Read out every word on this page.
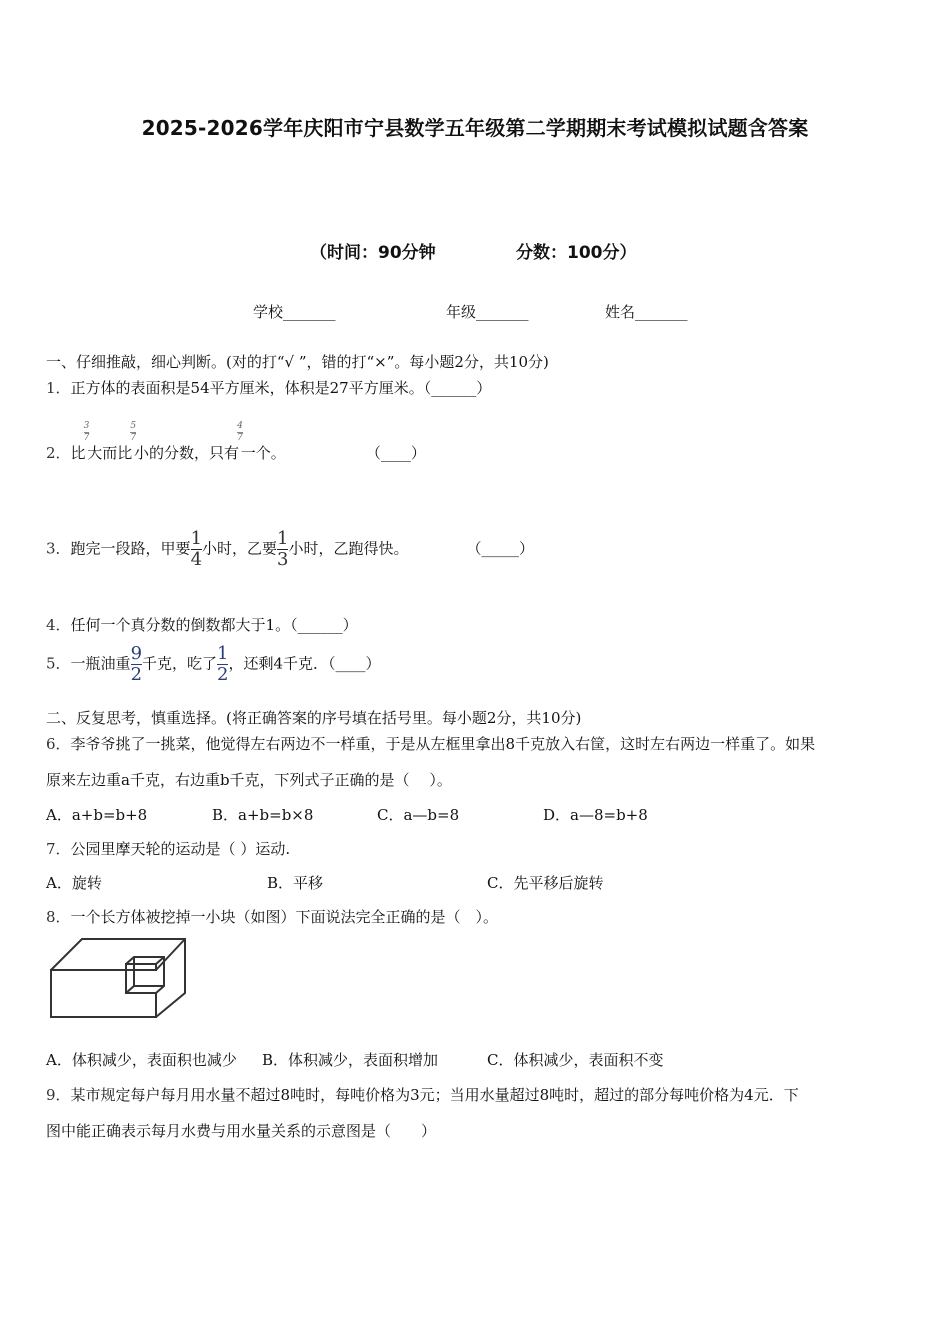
2025-2026学年庆阳市宁县数学五年级第二学期期末考试模拟试题含答案
（时间：90分钟	分数：100分）
学校_______	年级_______	姓名_______
一、仔细推敲，细心判断。(对的打“√ ”，错的打“×”。每小题2分，共10分)
1．正方体的表面积是54平方厘米，体积是27平方厘米。（______）
2．比
$\frac{3}{7}$
大而比
$\frac{5}{7}$
小的分数，只有
$\frac{4}{7}$
一个。	（____）
3．跑完一段路，甲要 $\frac{1}{4}$ 小时，乙要 $\frac{1}{3}$ 小时，乙跑得快。	（_____）
4．任何一个真分数的倒数都大于1。（______）
5．一瓶油重 $\frac{9}{2}$ 千克，吃了 $\frac{1}{2}$ ，还剩4千克．（____）
二、反复思考，慎重选择。(将正确答案的序号填在括号里。每小题2分，共10分)
6．李爷爷挑了一挑菜，他觉得左右两边不一样重，于是从左框里拿出8千克放入右筐，这时左右两边一样重了。如果
原来左边重a千克，右边重b千克，下列式子正确的是（　 ）。
A．a+b=b+8	B．a+b=b×8	C．a—b=8	D．a—8=b+8
7．公园里摩天轮的运动是（ ）运动.
A．旋转	B．平移	C．先平移后旋转
8．一个长方体被挖掉一小块（如图）下面说法完全正确的是（　）。
A．体积减少，表面积也减少 B．体积减少，表面积增加	C．体积减少，表面积不变
9．某市规定每户每月用水量不超过8吨时，每吨价格为3元；当用水量超过8吨时，超过的部分每吨价格为4元．下
图中能正确表示每月水费与用水量关系的示意图是（　　）
